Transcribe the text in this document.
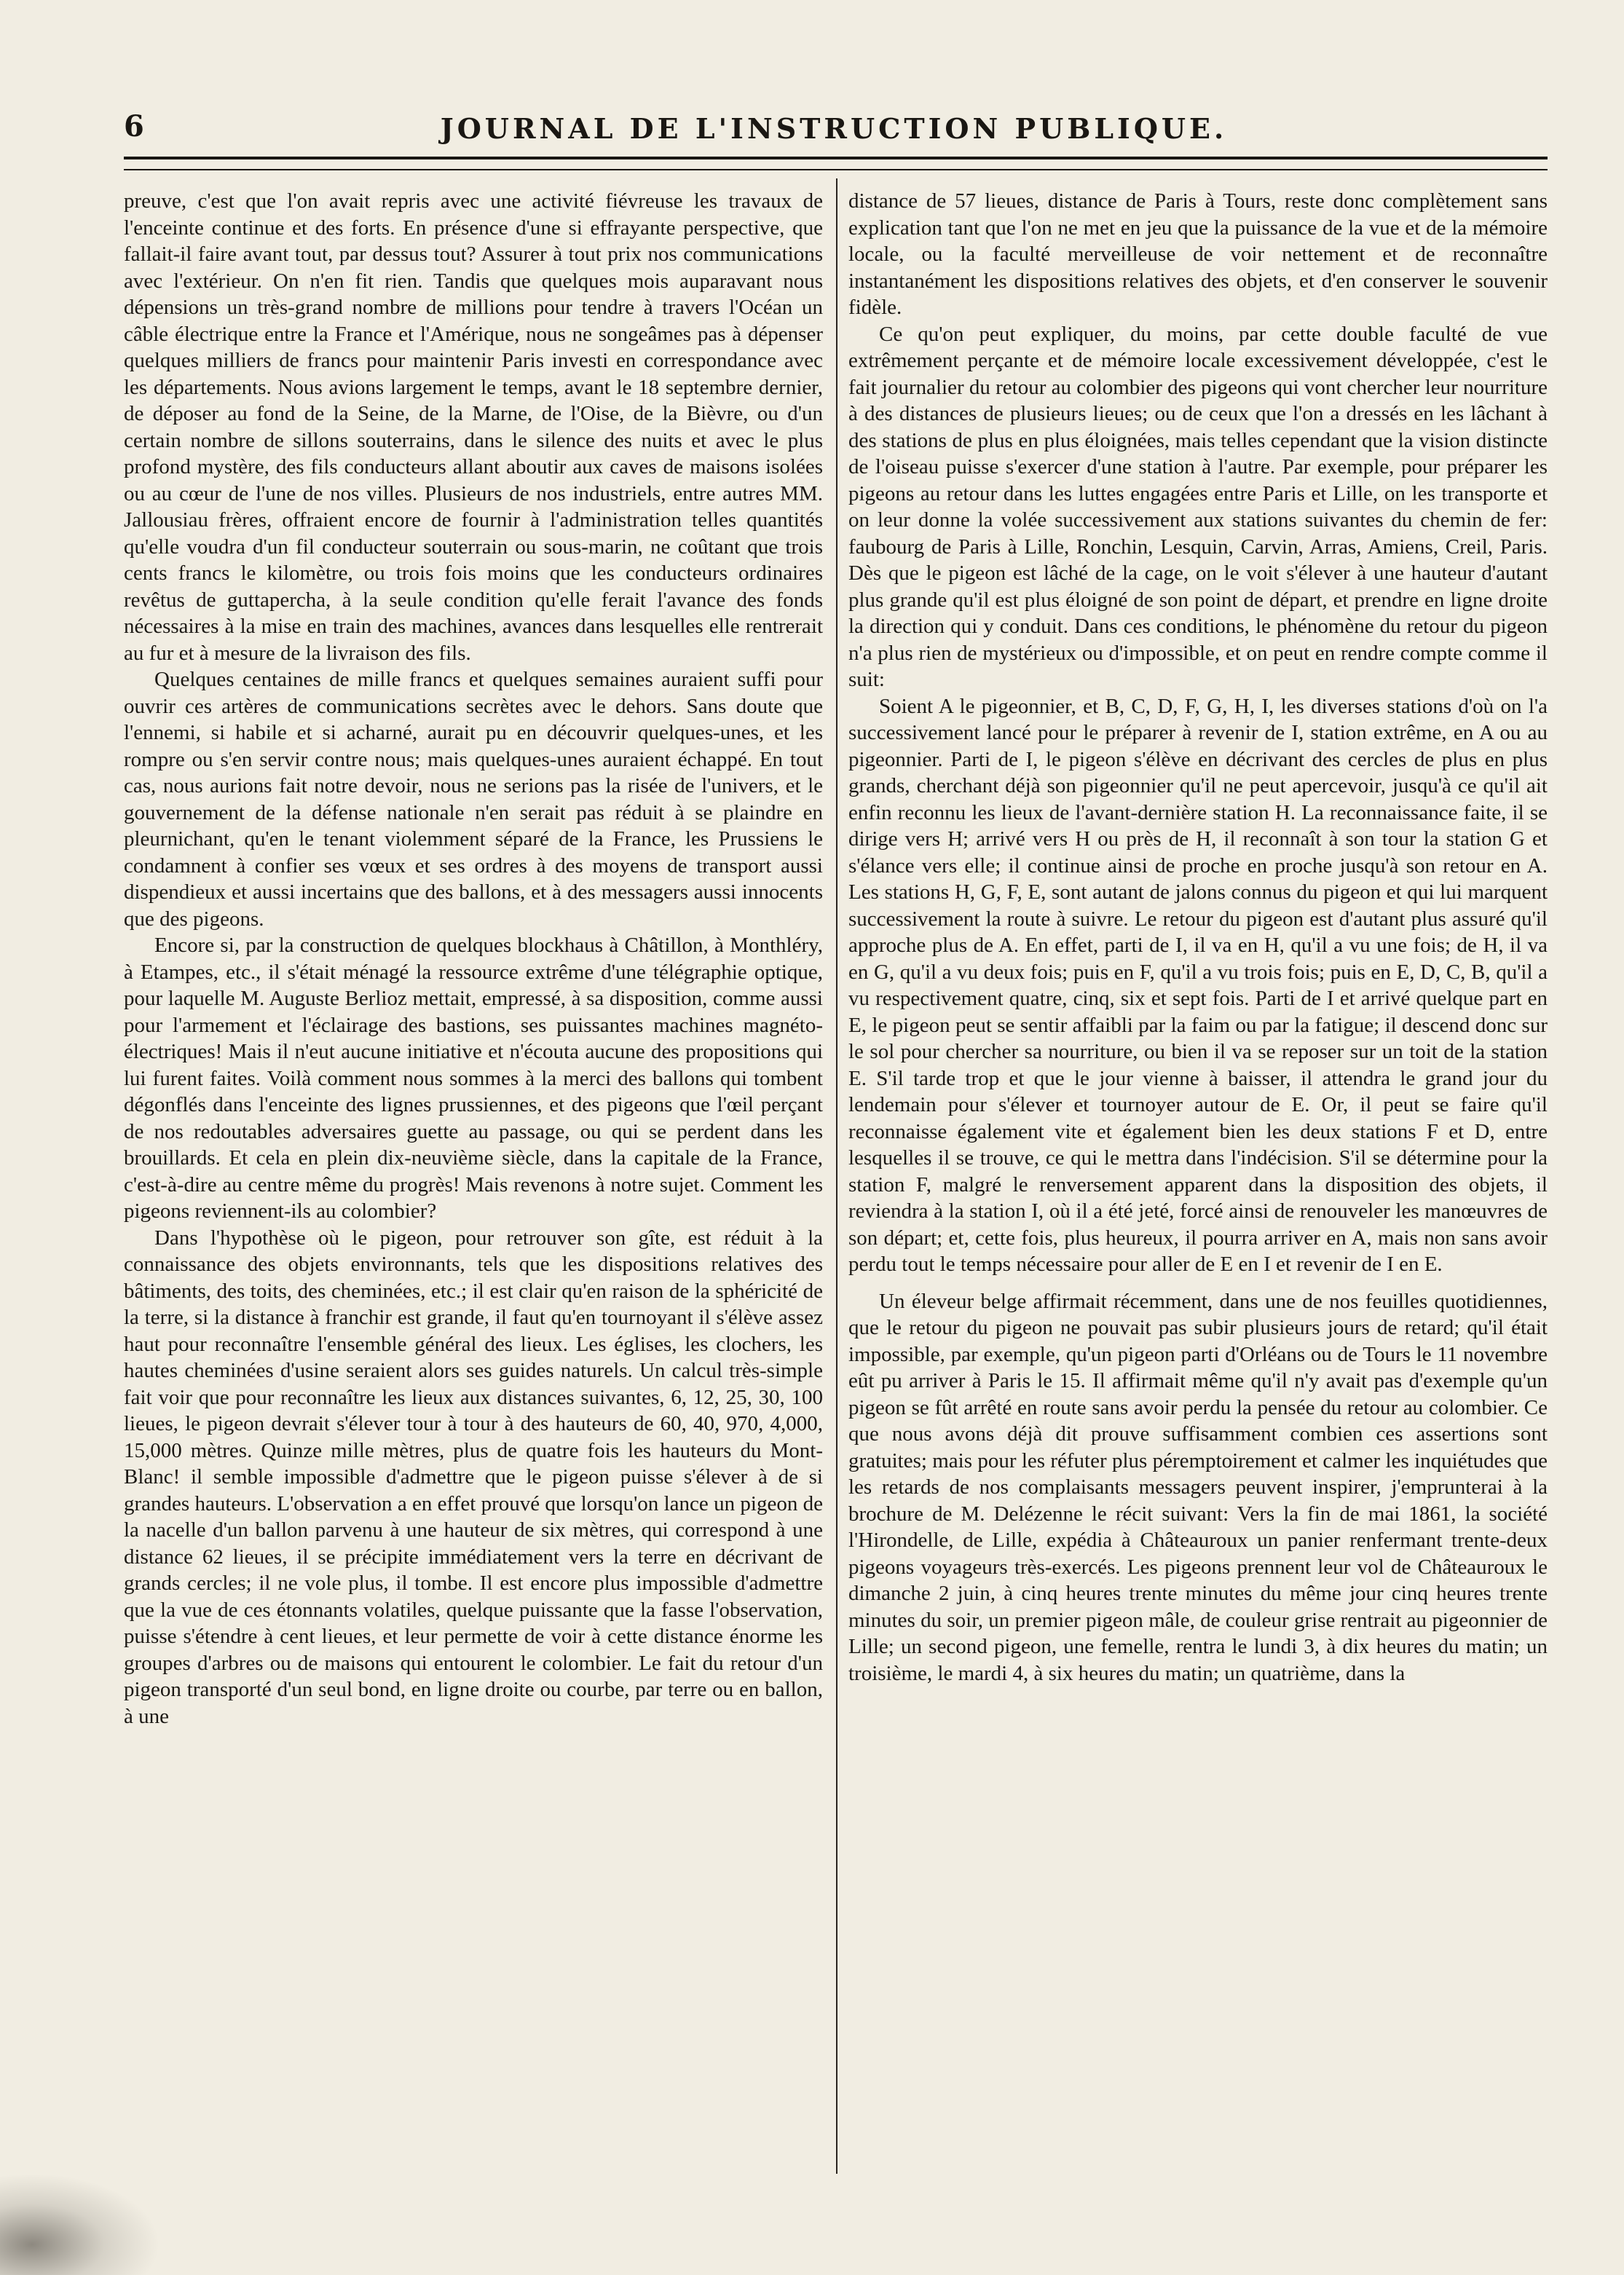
6	JOURNAL DE L'INSTRUCTION PUBLIQUE.

preuve, c'est que l'on avait repris avec une activité fiévreuse les travaux de l'enceinte continue et des forts. En présence d'une si effrayante perspective, que fallait-il faire avant tout, par dessus tout? Assurer à tout prix nos communications avec l'extérieur. On n'en fit rien. Tandis que quelques mois auparavant nous dépensions un très-grand nombre de millions pour tendre à travers l'Océan un câble électrique entre la France et l'Amérique, nous ne songeâmes pas à dépenser quelques milliers de francs pour maintenir Paris investi en correspondance avec les départements. Nous avions largement le temps, avant le 18 septembre dernier, de déposer au fond de la Seine, de la Marne, de l'Oise, de la Bièvre, ou d'un certain nombre de sillons souterrains, dans le silence des nuits et avec le plus profond mystère, des fils conducteurs allant aboutir aux caves de maisons isolées ou au cœur de l'une de nos villes. Plusieurs de nos industriels, entre autres MM. Jallousiau frères, offraient encore de fournir à l'administration telles quantités qu'elle voudra d'un fil conducteur souterrain ou sous-marin, ne coûtant que trois cents francs le kilomètre, ou trois fois moins que les conducteurs ordinaires revêtus de guttapercha, à la seule condition qu'elle ferait l'avance des fonds nécessaires à la mise en train des machines, avances dans lesquelles elle rentrerait au fur et à mesure de la livraison des fils.

Quelques centaines de mille francs et quelques semaines auraient suffi pour ouvrir ces artères de communications secrètes avec le dehors. Sans doute que l'ennemi, si habile et si acharné, aurait pu en découvrir quelques-unes, et les rompre ou s'en servir contre nous; mais quelques-unes auraient échappé. En tout cas, nous aurions fait notre devoir, nous ne serions pas la risée de l'univers, et le gouvernement de la défense nationale n'en serait pas réduit à se plaindre en pleurnichant, qu'en le tenant violemment séparé de la France, les Prussiens le condamnent à confier ses vœux et ses ordres à des moyens de transport aussi dispendieux et aussi incertains que des ballons, et à des messagers aussi innocents que des pigeons.

Encore si, par la construction de quelques blockhaus à Châtillon, à Monthléry, à Etampes, etc., il s'était ménagé la ressource extrême d'une télégraphie optique, pour laquelle M. Auguste Berlioz mettait, empressé, à sa disposition, comme aussi pour l'armement et l'éclairage des bastions, ses puissantes machines magnéto-électriques! Mais il n'eut aucune initiative et n'écouta aucune des propositions qui lui furent faites. Voilà comment nous sommes à la merci des ballons qui tombent dégonflés dans l'enceinte des lignes prussiennes, et des pigeons que l'œil perçant de nos redoutables adversaires guette au passage, ou qui se perdent dans les brouillards. Et cela en plein dix-neuvième siècle, dans la capitale de la France, c'est-à-dire au centre même du progrès! Mais revenons à notre sujet. Comment les pigeons reviennent-ils au colombier?

Dans l'hypothèse où le pigeon, pour retrouver son gîte, est réduit à la connaissance des objets environnants, tels que les dispositions relatives des bâtiments, des toits, des cheminées, etc.; il est clair qu'en raison de la sphéricité de la terre, si la distance à franchir est grande, il faut qu'en tournoyant il s'élève assez haut pour reconnaître l'ensemble général des lieux. Les églises, les clochers, les hautes cheminées d'usine seraient alors ses guides naturels. Un calcul très-simple fait voir que pour reconnaître les lieux aux distances suivantes, 6, 12, 25, 30, 100 lieues, le pigeon devrait s'élever tour à tour à des hauteurs de 60, 40, 970, 4,000, 15,000 mètres. Quinze mille mètres, plus de quatre fois les hauteurs du Mont-Blanc! il semble impossible d'admettre que le pigeon puisse s'élever à de si grandes hauteurs. L'observation a en effet prouvé que lorsqu'on lance un pigeon de la nacelle d'un ballon parvenu à une hauteur de six mètres, qui correspond à une distance 62 lieues, il se précipite immédiatement vers la terre en décrivant de grands cercles; il ne vole plus, il tombe. Il est encore plus impossible d'admettre que la vue de ces étonnants volatiles, quelque puissante que la fasse l'observation, puisse s'étendre à cent lieues, et leur permette de voir à cette distance énorme les groupes d'arbres ou de maisons qui entourent le colombier. Le fait du retour d'un pigeon transporté d'un seul bond, en ligne droite ou courbe, par terre ou en ballon, à une

distance de 57 lieues, distance de Paris à Tours, reste donc complètement sans explication tant que l'on ne met en jeu que la puissance de la vue et de la mémoire locale, ou la faculté merveilleuse de voir nettement et de reconnaître instantanément les dispositions relatives des objets, et d'en conserver le souvenir fidèle.

Ce qu'on peut expliquer, du moins, par cette double faculté de vue extrêmement perçante et de mémoire locale excessivement développée, c'est le fait journalier du retour au colombier des pigeons qui vont chercher leur nourriture à des distances de plusieurs lieues; ou de ceux que l'on a dressés en les lâchant à des stations de plus en plus éloignées, mais telles cependant que la vision distincte de l'oiseau puisse s'exercer d'une station à l'autre. Par exemple, pour préparer les pigeons au retour dans les luttes engagées entre Paris et Lille, on les transporte et on leur donne la volée successivement aux stations suivantes du chemin de fer: faubourg de Paris à Lille, Ronchin, Lesquin, Carvin, Arras, Amiens, Creil, Paris. Dès que le pigeon est lâché de la cage, on le voit s'élever à une hauteur d'autant plus grande qu'il est plus éloigné de son point de départ, et prendre en ligne droite la direction qui y conduit. Dans ces conditions, le phénomène du retour du pigeon n'a plus rien de mystérieux ou d'impossible, et on peut en rendre compte comme il suit:

Soient A le pigeonnier, et B, C, D, F, G, H, I, les diverses stations d'où on l'a successivement lancé pour le préparer à revenir de I, station extrême, en A ou au pigeonnier. Parti de I, le pigeon s'élève en décrivant des cercles de plus en plus grands, cherchant déjà son pigeonnier qu'il ne peut apercevoir, jusqu'à ce qu'il ait enfin reconnu les lieux de l'avant-dernière station H. La reconnaissance faite, il se dirige vers H; arrivé vers H ou près de H, il reconnaît à son tour la station G et s'élance vers elle; il continue ainsi de proche en proche jusqu'à son retour en A. Les stations H, G, F, E, sont autant de jalons connus du pigeon et qui lui marquent successivement la route à suivre. Le retour du pigeon est d'autant plus assuré qu'il approche plus de A. En effet, parti de I, il va en H, qu'il a vu une fois; de H, il va en G, qu'il a vu deux fois; puis en F, qu'il a vu trois fois; puis en E, D, C, B, qu'il a vu respectivement quatre, cinq, six et sept fois. Parti de I et arrivé quelque part en E, le pigeon peut se sentir affaibli par la faim ou par la fatigue; il descend donc sur le sol pour chercher sa nourriture, ou bien il va se reposer sur un toit de la station E. S'il tarde trop et que le jour vienne à baisser, il attendra le grand jour du lendemain pour s'élever et tournoyer autour de E. Or, il peut se faire qu'il reconnaisse également vite et également bien les deux stations F et D, entre lesquelles il se trouve, ce qui le mettra dans l'indécision. S'il se détermine pour la station F, malgré le renversement apparent dans la disposition des objets, il reviendra à la station I, où il a été jeté, forcé ainsi de renouveler les manœuvres de son départ; et, cette fois, plus heureux, il pourra arriver en A, mais non sans avoir perdu tout le temps nécessaire pour aller de E en I et revenir de I en E.

Un éleveur belge affirmait récemment, dans une de nos feuilles quotidiennes, que le retour du pigeon ne pouvait pas subir plusieurs jours de retard; qu'il était impossible, par exemple, qu'un pigeon parti d'Orléans ou de Tours le 11 novembre eût pu arriver à Paris le 15. Il affirmait même qu'il n'y avait pas d'exemple qu'un pigeon se fût arrêté en route sans avoir perdu la pensée du retour au colombier. Ce que nous avons déjà dit prouve suffisamment combien ces assertions sont gratuites; mais pour les réfuter plus péremptoirement et calmer les inquiétudes que les retards de nos complaisants messagers peuvent inspirer, j'emprunterai à la brochure de M. Delézenne le récit suivant: Vers la fin de mai 1861, la société l'Hirondelle, de Lille, expédia à Châteauroux un panier renfermant trente-deux pigeons voyageurs très-exercés. Les pigeons prennent leur vol de Châteauroux le dimanche 2 juin, à cinq heures trente minutes du même jour cinq heures trente minutes du soir, un premier pigeon mâle, de couleur grise rentrait au pigeonnier de Lille; un second pigeon, une femelle, rentra le lundi 3, à dix heures du matin; un troisième, le mardi 4, à six heures du matin; un quatrième, dans la
